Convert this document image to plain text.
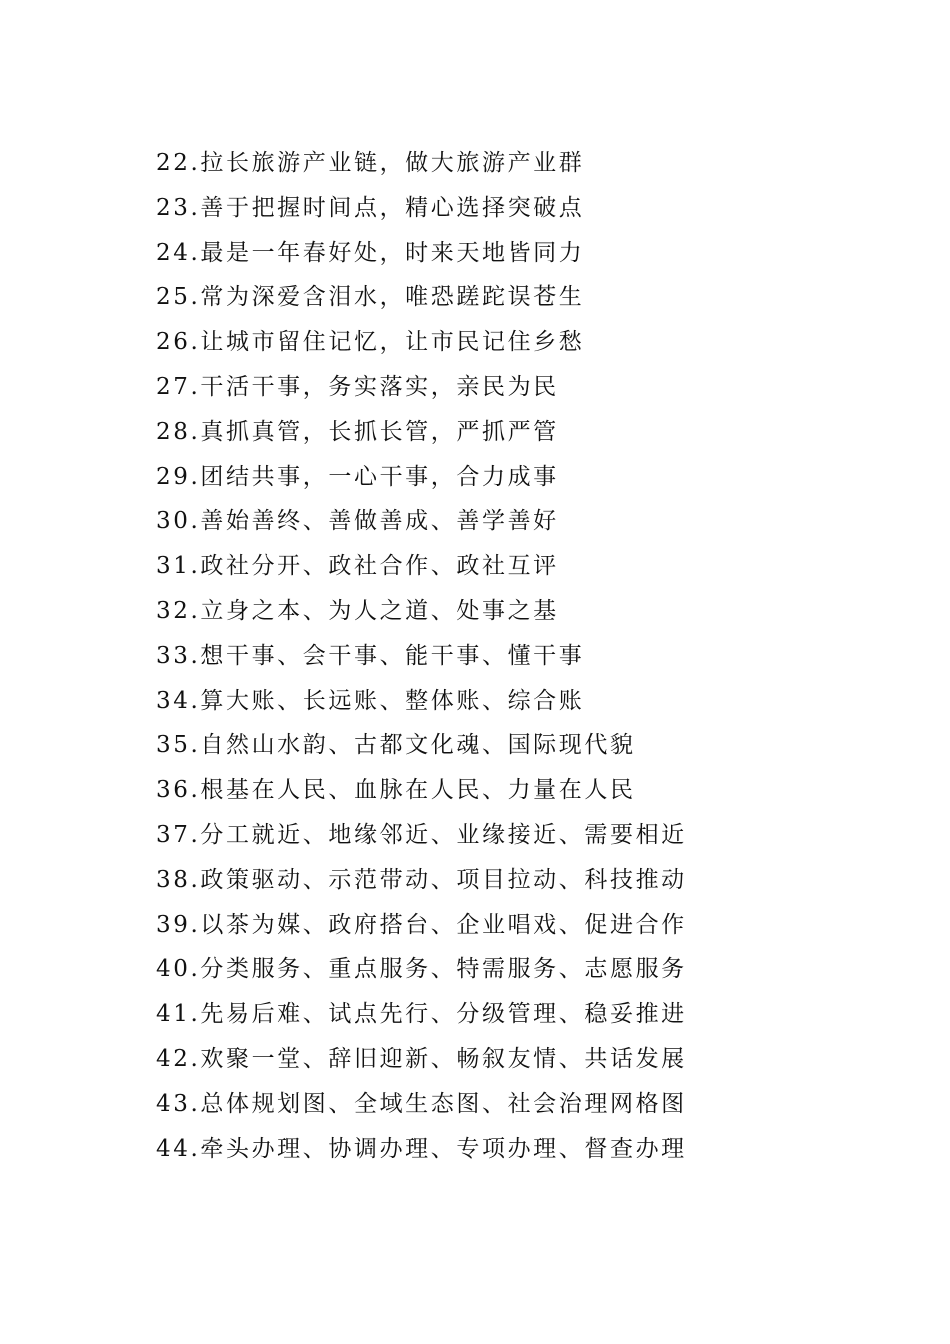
22.拉长旅游产业链，做大旅游产业群
23.善于把握时间点，精心选择突破点
24.最是一年春好处，时来天地皆同力
25.常为深爱含泪水，唯恐蹉跎误苍生
26.让城市留住记忆，让市民记住乡愁
27.干活干事，务实落实，亲民为民
28.真抓真管，长抓长管，严抓严管
29.团结共事，一心干事，合力成事
30.善始善终、善做善成、善学善好
31.政社分开、政社合作、政社互评
32.立身之本、为人之道、处事之基
33.想干事、会干事、能干事、懂干事
34.算大账、长远账、整体账、综合账
35.自然山水韵、古都文化魂、国际现代貌
36.根基在人民、血脉在人民、力量在人民
37.分工就近、地缘邻近、业缘接近、需要相近
38.政策驱动、示范带动、项目拉动、科技推动
39.以茶为媒、政府搭台、企业唱戏、促进合作
40.分类服务、重点服务、特需服务、志愿服务
41.先易后难、试点先行、分级管理、稳妥推进
42.欢聚一堂、辞旧迎新、畅叙友情、共话发展
43.总体规划图、全域生态图、社会治理网格图
44.牵头办理、协调办理、专项办理、督查办理
